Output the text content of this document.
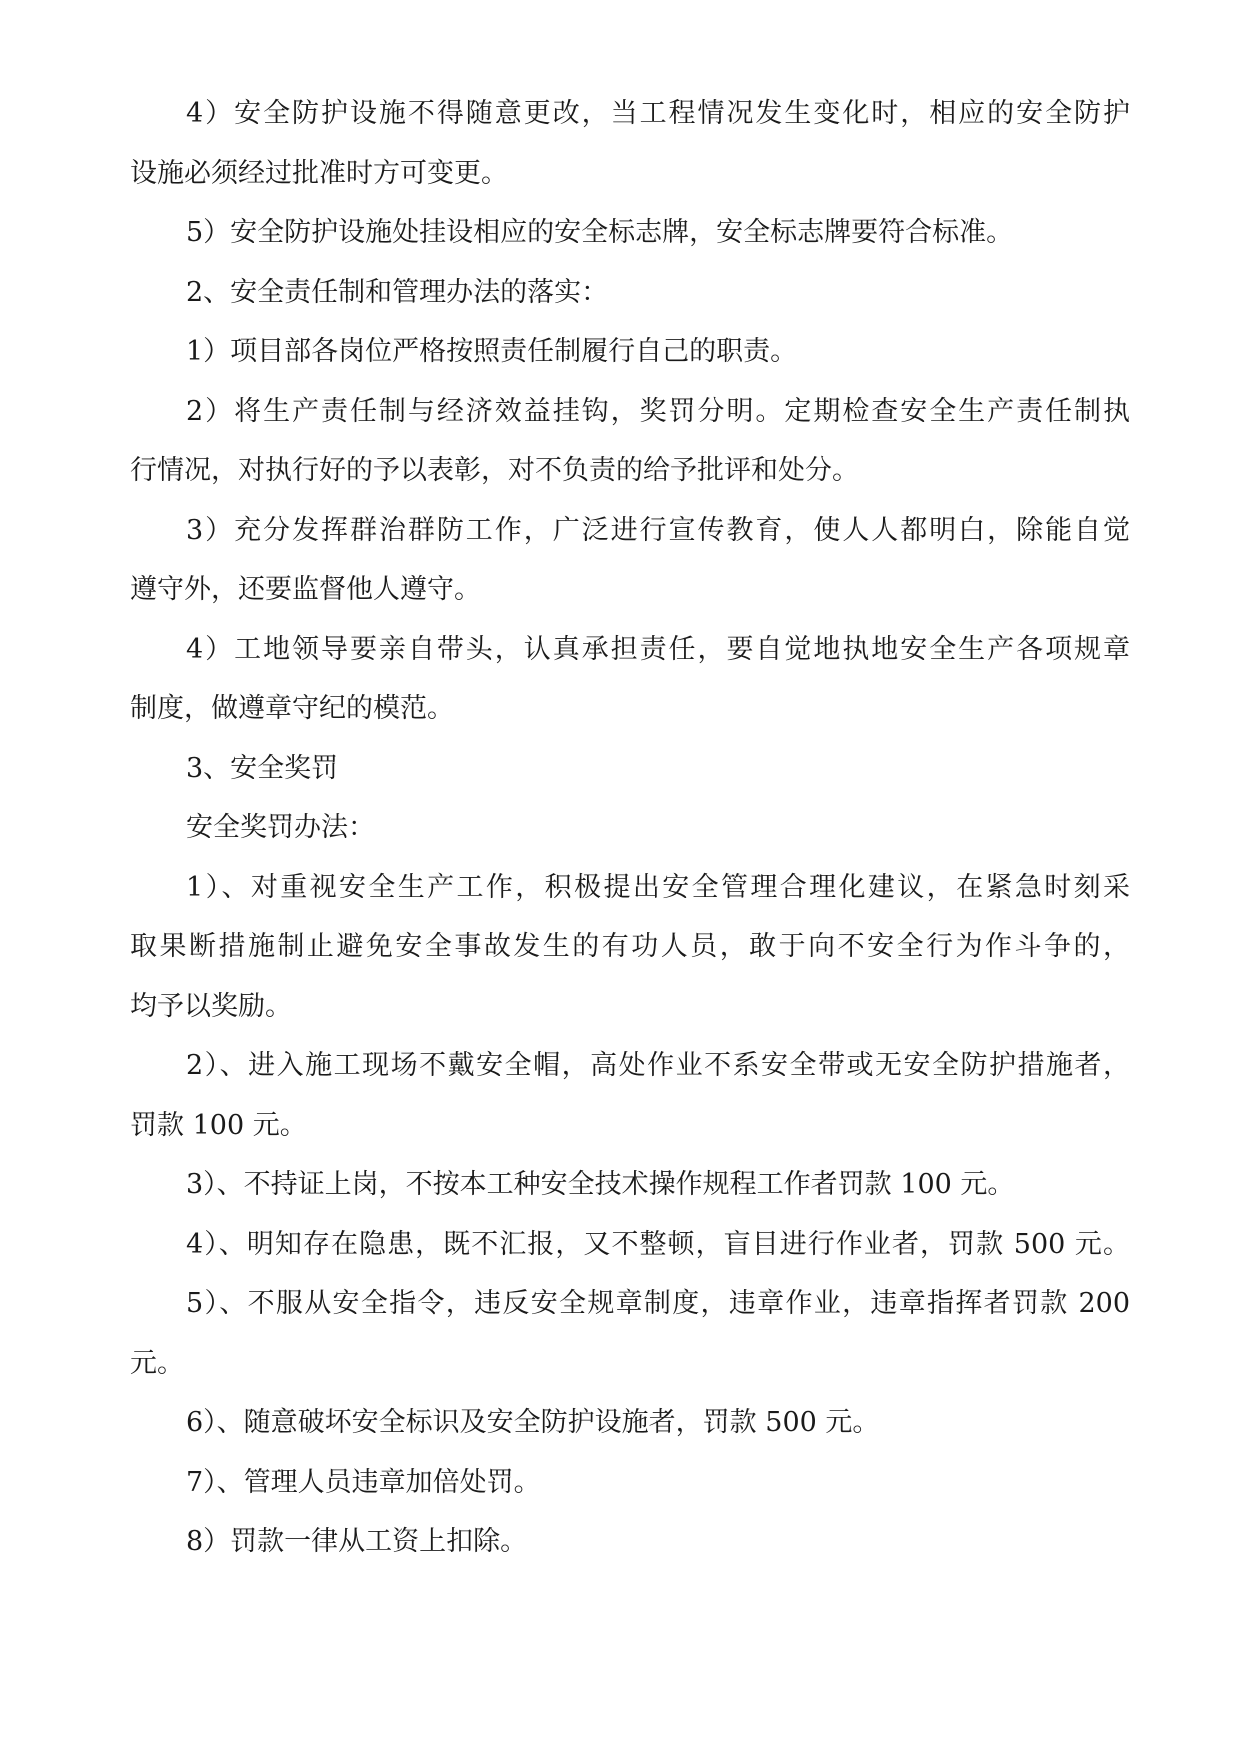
4）安全防护设施不得随意更改，当工程情况发生变化时，相应的安全防护
设施必须经过批准时方可变更。
5）安全防护设施处挂设相应的安全标志牌，安全标志牌要符合标准。
2、安全责任制和管理办法的落实：
1）项目部各岗位严格按照责任制履行自己的职责。
2）将生产责任制与经济效益挂钩，奖罚分明。定期检查安全生产责任制执
行情况，对执行好的予以表彰，对不负责的给予批评和处分。
3）充分发挥群治群防工作，广泛进行宣传教育，使人人都明白，除能自觉
遵守外，还要监督他人遵守。
4）工地领导要亲自带头，认真承担责任，要自觉地执地安全生产各项规章
制度，做遵章守纪的模范。
3、安全奖罚
安全奖罚办法：
1）、对重视安全生产工作，积极提出安全管理合理化建议，在紧急时刻采
取果断措施制止避免安全事故发生的有功人员，敢于向不安全行为作斗争的，
均予以奖励。
2）、进入施工现场不戴安全帽，高处作业不系安全带或无安全防护措施者，
罚款 100 元。
3）、不持证上岗，不按本工种安全技术操作规程工作者罚款 100 元。
4）、明知存在隐患，既不汇报，又不整顿，盲目进行作业者，罚款 500 元。
5）、不服从安全指令，违反安全规章制度，违章作业，违章指挥者罚款 200
元。
6）、随意破坏安全标识及安全防护设施者，罚款 500 元。
7）、管理人员违章加倍处罚。
8）罚款一律从工资上扣除。
